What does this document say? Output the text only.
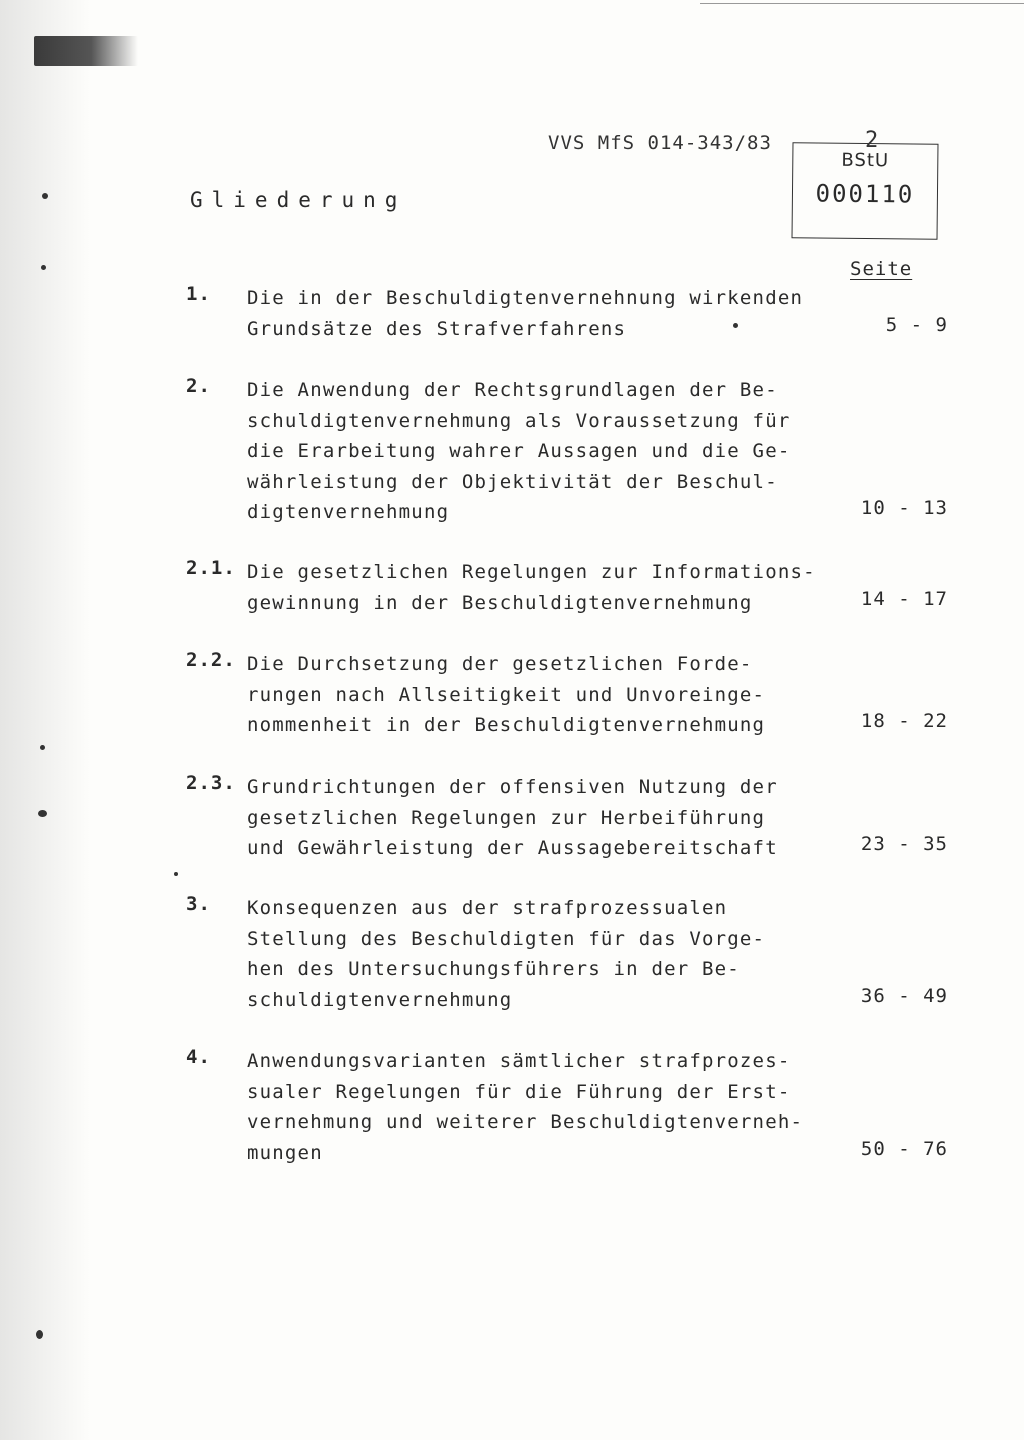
VVS MfS 014-343/83	2
BStU
000110
Gliederung
Seite
1. Die in der Beschuldigtenvernehnung wirkenden
Grundsätze des Strafverfahrens	5 - 9
2. Die Anwendung der Rechtsgrundlagen der Be-
schuldigtenvernehmung als Voraussetzung für
die Erarbeitung wahrer Aussagen und die Ge-
währleistung der Objektivität der Beschul-
digtenvernehmung	10 - 13
2.1. Die gesetzlichen Regelungen zur Informations-
gewinnung in der Beschuldigtenvernehmung	14 - 17
2.2. Die Durchsetzung der gesetzlichen Forde-
rungen nach Allseitigkeit und Unvoreinge-
nommenheit in der Beschuldigtenvernehmung	18 - 22
2.3. Grundrichtungen der offensiven Nutzung der
gesetzlichen Regelungen zur Herbeiführung
und Gewährleistung der Aussagebereitschaft	23 - 35
3. Konsequenzen aus der strafprozessualen
Stellung des Beschuldigten für das Vorge-
hen des Untersuchungsführers in der Be-
schuldigtenvernehmung	36 - 49
4. Anwendungsvarianten sämtlicher strafprozes-
sualer Regelungen für die Führung der Erst-
vernehmung und weiterer Beschuldigtenverneh-
mungen	50 - 76
